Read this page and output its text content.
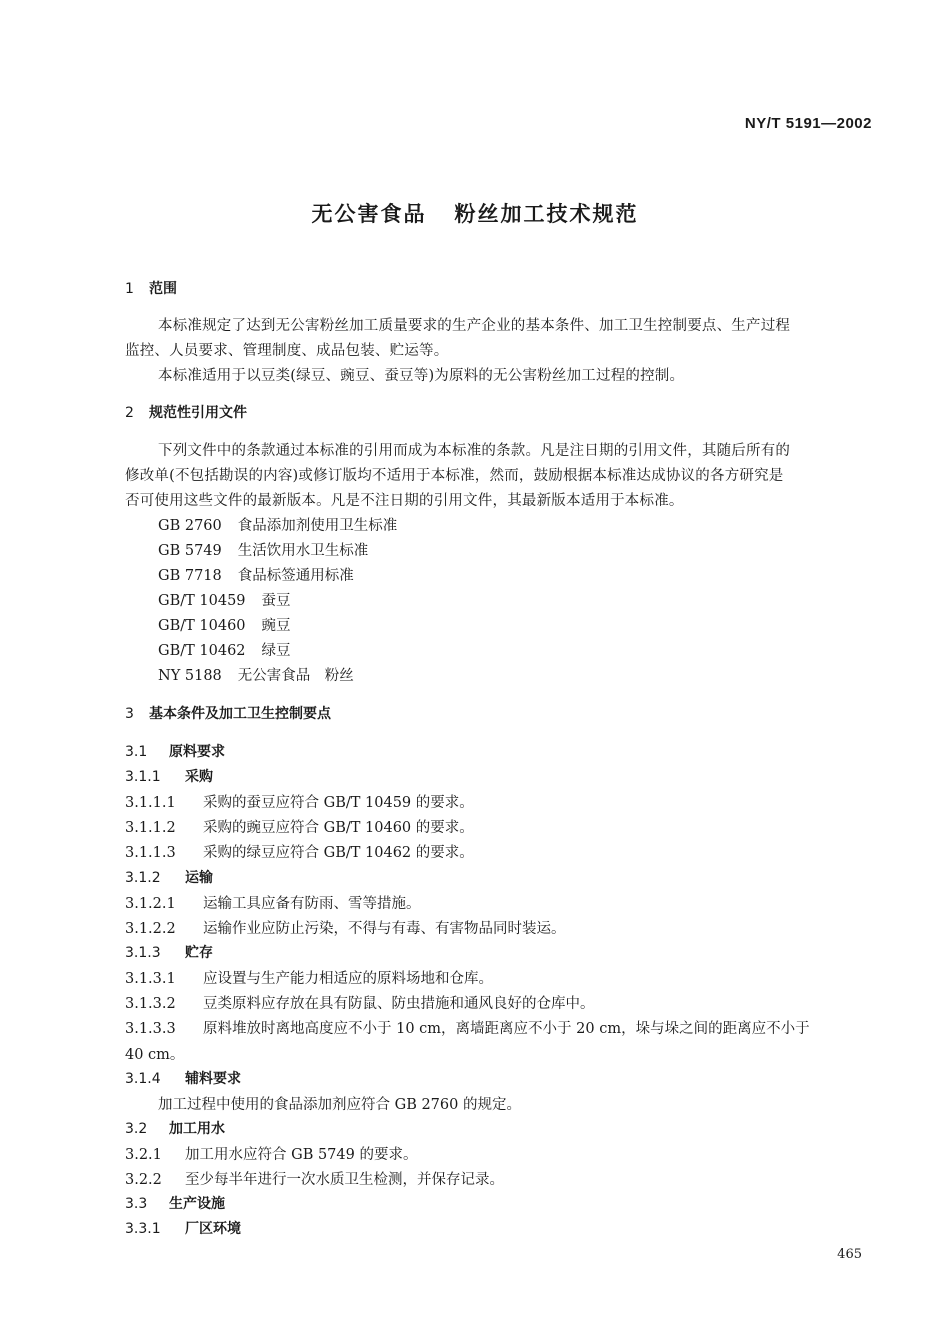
NY/T 5191—2002
无公害食品 粉丝加工技术规范
1 范围
本标准规定了达到无公害粉丝加工质量要求的生产企业的基本条件、加工卫生控制要点、生产过程
监控、人员要求、管理制度、成品包装、贮运等。
本标准适用于以豆类(绿豆、豌豆、蚕豆等)为原料的无公害粉丝加工过程的控制。
2 规范性引用文件
下列文件中的条款通过本标准的引用而成为本标准的条款。凡是注日期的引用文件，其随后所有的
修改单(不包括勘误的内容)或修订版均不适用于本标准，然而，鼓励根据本标准达成协议的各方研究是
否可使用这些文件的最新版本。凡是不注日期的引用文件，其最新版本适用于本标准。
GB 2760 食品添加剂使用卫生标准
GB 5749 生活饮用水卫生标准
GB 7718 食品标签通用标准
GB/T 10459 蚕豆
GB/T 10460 豌豆
GB/T 10462 绿豆
NY 5188 无公害食品　粉丝
3 基本条件及加工卫生控制要点
3.1 原料要求
3.1.1 采购
3.1.1.1 采购的蚕豆应符合 GB/T 10459 的要求。
3.1.1.2 采购的豌豆应符合 GB/T 10460 的要求。
3.1.1.3 采购的绿豆应符合 GB/T 10462 的要求。
3.1.2 运输
3.1.2.1 运输工具应备有防雨、雪等措施。
3.1.2.2 运输作业应防止污染，不得与有毒、有害物品同时装运。
3.1.3 贮存
3.1.3.1 应设置与生产能力相适应的原料场地和仓库。
3.1.3.2 豆类原料应存放在具有防鼠、防虫措施和通风良好的仓库中。
3.1.3.3 原料堆放时离地高度应不小于 10 cm，离墙距离应不小于 20 cm，垛与垛之间的距离应不小于
40 cm。
3.1.4 辅料要求
加工过程中使用的食品添加剂应符合 GB 2760 的规定。
3.2 加工用水
3.2.1 加工用水应符合 GB 5749 的要求。
3.2.2 至少每半年进行一次水质卫生检测，并保存记录。
3.3 生产设施
3.3.1 厂区环境
465
